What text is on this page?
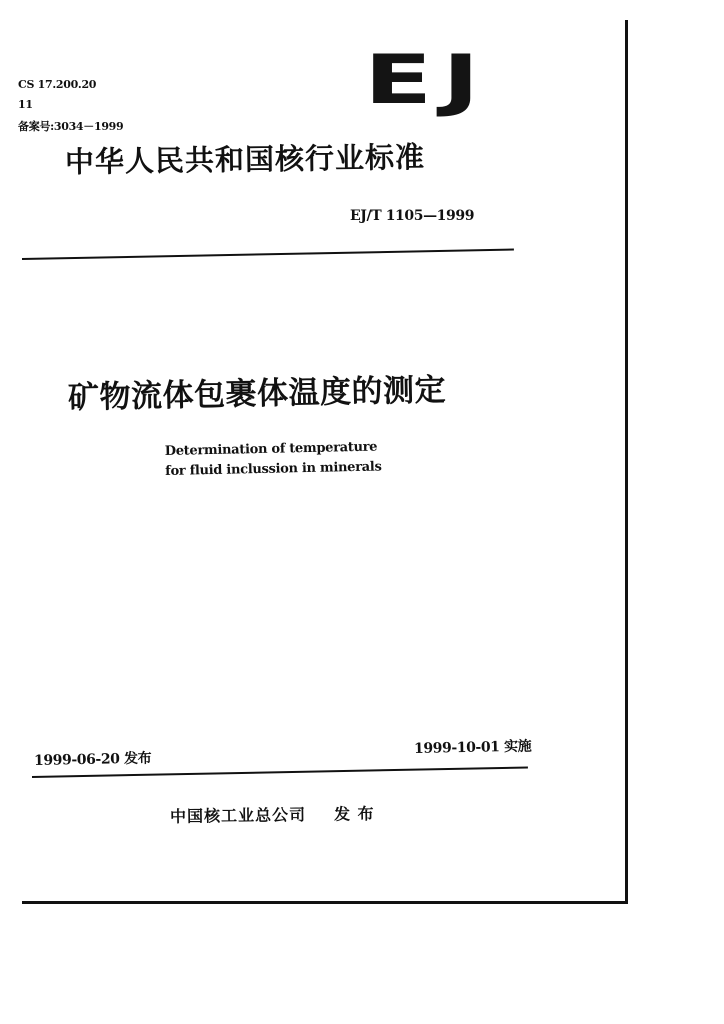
CS 17.200.20
11
备案号:3034－1999
EJ
中华人民共和国核行业标准
EJ/T 1105—1999
矿物流体包裹体温度的测定
Determination of temperature
for fluid inclussion in minerals
1999-06-20 发布
1999-10-01 实施
中国核工业总公司 发 布
